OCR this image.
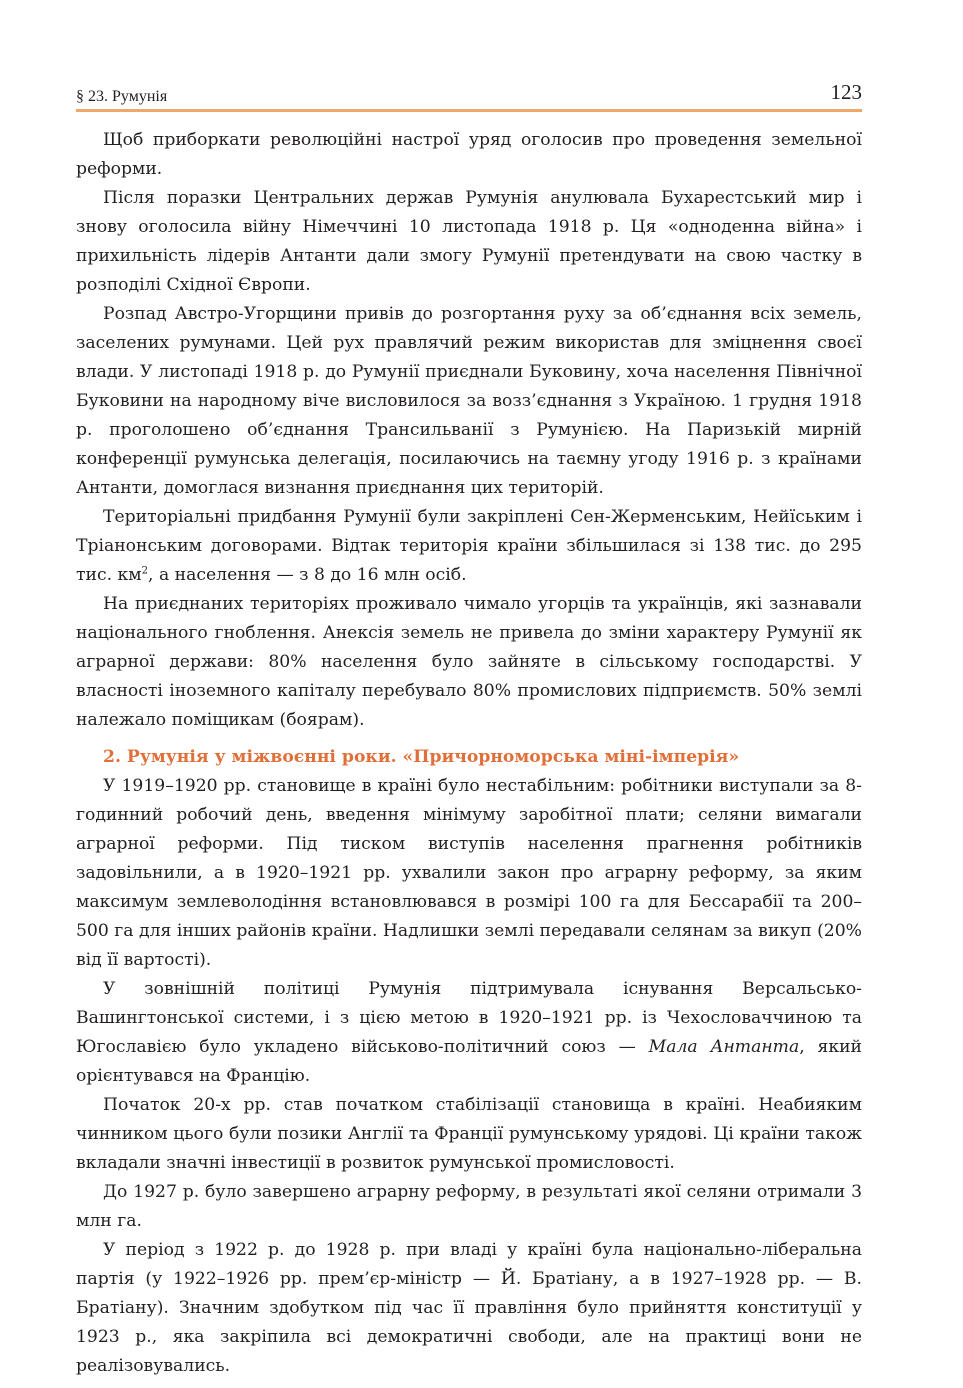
§ 23. Румунія	123

Щоб приборкати революційні настрої уряд оголосив про проведення земельної реформи.

Після поразки Центральних держав Румунія анулювала Бухарестський мир і знову оголосила війну Німеччині 10 листопада 1918 р. Ця «одноденна війна» і прихильність лідерів Антанти дали змогу Румунії претендувати на свою частку в розподілі Східної Європи.

Розпад Австро-Угорщини привів до розгортання руху за об’єднання всіх земель, заселених румунами. Цей рух правлячий режим використав для зміцнення своєї влади. У листопаді 1918 р. до Румунії приєднали Буковину, хоча населення Північної Буковини на народному віче висловилося за возз’єднання з Україною. 1 грудня 1918 р. проголошено об’єднання Трансильванії з Румунією. На Паризькій мирній конференції румунська делегація, посилаючись на таємну угоду 1916 р. з країнами Антанти, домоглася визнання приєднання цих територій.

Територіальні придбання Румунії були закріплені Сен-Жерменським, Нейїським і Тріанонським договорами. Відтак територія країни збільшилася зі 138 тис. до 295 тис. $км^2$, а населення — з 8 до 16 млн осіб.

На приєднаних територіях проживало чимало угорців та українців, які зазнавали національного гноблення. Анексія земель не привела до зміни характеру Румунії як аграрної держави: 80% населення було зайняте в сільському господарстві. У власності іноземного капіталу перебувало 80% промислових підприємств. 50% землі належало поміщикам (боярам).

2. Румунія у міжвоєнні роки. «Причорноморська міні-імперія»

У 1919–1920 рр. становище в країні було нестабільним: робітники виступали за 8-годинний робочий день, введення мінімуму заробітної плати; селяни вимагали аграрної реформи. Під тиском виступів населення прагнення робітників задовільнили, а в 1920–1921 рр. ухвалили закон про аграрну реформу, за яким максимум землеволодіння встановлювався в розмірі 100 га для Бессарабії та 200–500 га для інших районів країни. Надлишки землі передавали селянам за викуп (20% від її вартості).

У зовнішній політиці Румунія підтримувала існування Версальсько-Вашингтонської системи, і з цією метою в 1920–1921 рр. із Чехословаччиною та Югославією було укладено військово-політичний союз — Мала Антанта, який орієнтувався на Францію.

Початок 20-х рр. став початком стабілізації становища в країні. Неабияким чинником цього були позики Англії та Франції румунському урядові. Ці країни також вкладали значні інвестиції в розвиток румунської промисловості.

До 1927 р. було завершено аграрну реформу, в результаті якої селяни отримали 3 млн га.

У період з 1922 р. до 1928 р. при владі у країні була національно-ліберальна партія (у 1922–1926 рр. прем’єр-міністр — Й. Братіану, а в 1927–1928 рр. — В. Братіану). Значним здобутком під час її правління було прийняття конституції у 1923 р., яка закріпила всі демократичні свободи, але на практиці вони не реалізовувались.
